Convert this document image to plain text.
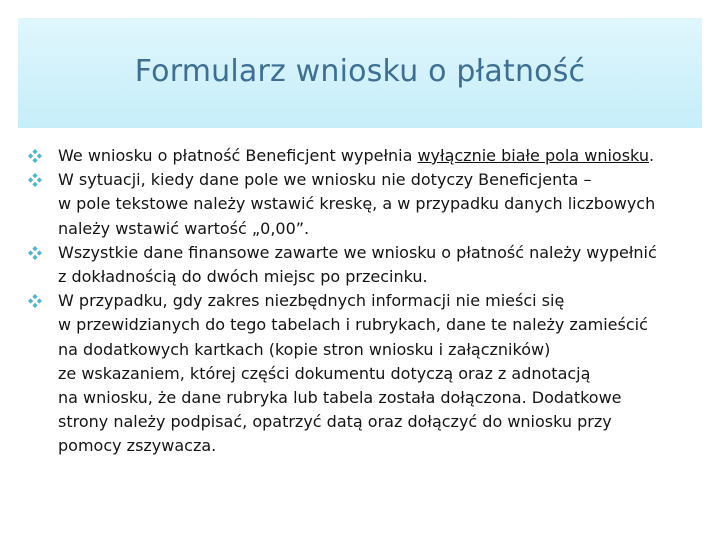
Formularz wniosku o płatność
We wniosku o płatność Beneficjent wypełnia wyłącznie białe pola wniosku.
W sytuacji, kiedy dane pole we wniosku nie dotyczy Beneficjenta –
w pole tekstowe należy wstawić kreskę, a w przypadku danych liczbowych
należy wstawić wartość „0,00”.
Wszystkie dane finansowe zawarte we wniosku o płatność należy wypełnić
z dokładnością do dwóch miejsc po przecinku.
W przypadku, gdy zakres niezbędnych informacji nie mieści się
w przewidzianych do tego tabelach i rubrykach, dane te należy zamieścić
na dodatkowych kartkach (kopie stron wniosku i załączników)
ze wskazaniem, której części dokumentu dotyczą oraz z adnotacją
na wniosku, że dane rubryka lub tabela została dołączona. Dodatkowe
strony należy podpisać, opatrzyć datą oraz dołączyć do wniosku przy
pomocy zszywacza.
